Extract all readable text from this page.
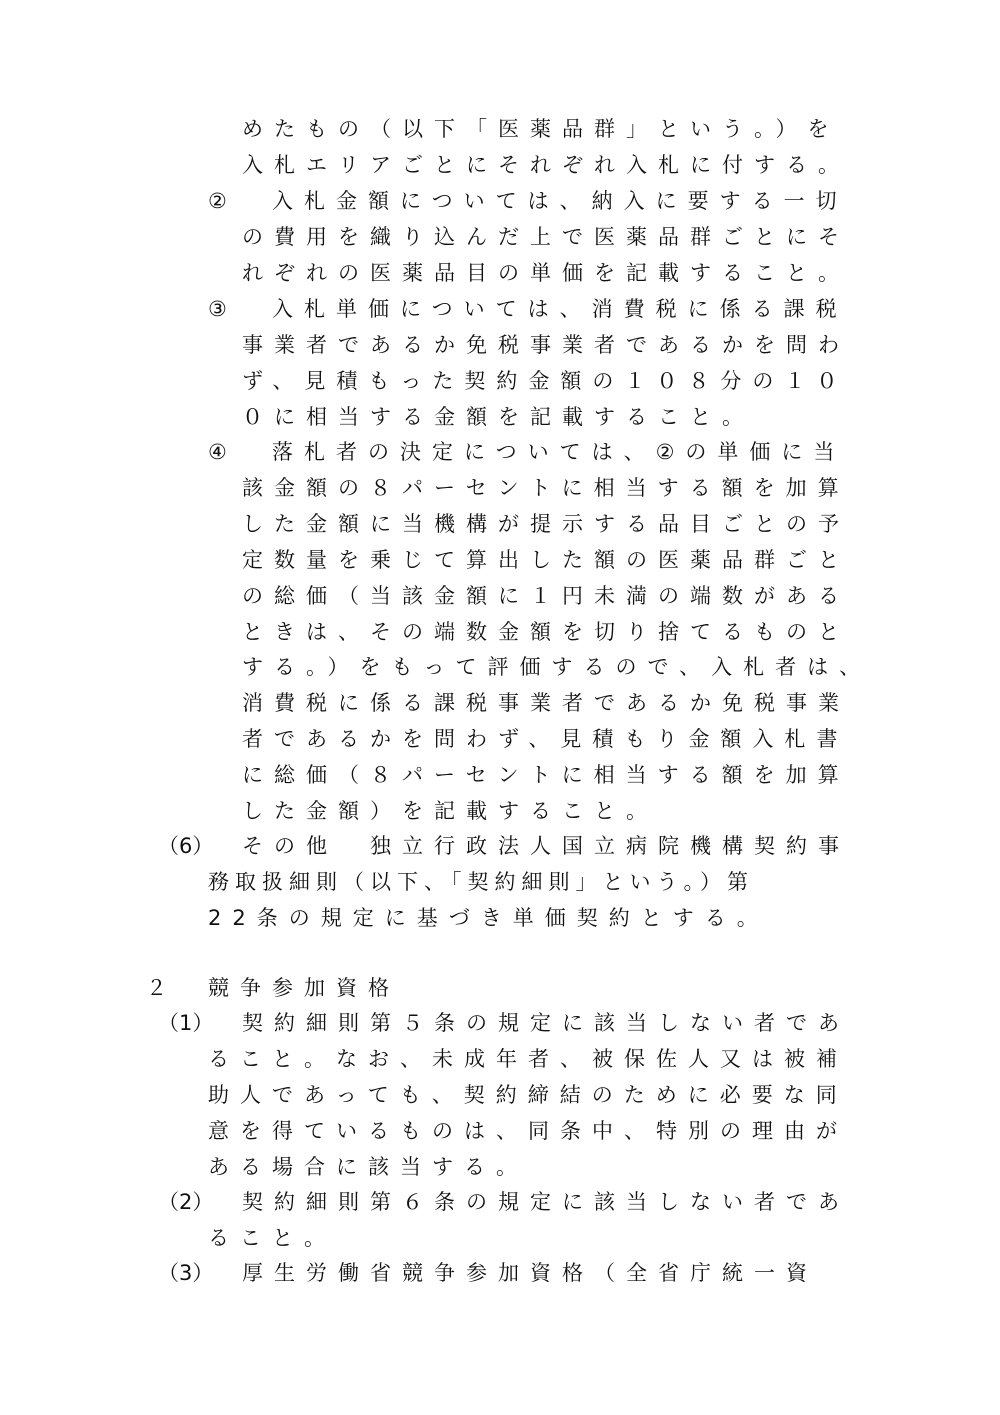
めたもの（以下「医薬品群」という。）を
入札エリアごとにそれぞれ入札に付する。
② 入札金額については、納入に要する一切
の費用を織り込んだ上で医薬品群ごとにそ
れぞれの医薬品目の単価を記載すること。
③ 入札単価については、消費税に係る課税
事業者であるか免税事業者であるかを問わ
ず、見積もった契約金額の１０８分の１０
０に相当する金額を記載すること。
④ 落札者の決定については、②の単価に当
該金額の８パーセントに相当する額を加算
した金額に当機構が提示する品目ごとの予
定数量を乗じて算出した額の医薬品群ごと
の総価（当該金額に１円未満の端数がある
ときは、その端数金額を切り捨てるものと
する。）をもって評価するので、入札者は、
消費税に係る課税事業者であるか免税事業
者であるかを問わず、見積もり金額入札書
に総価（８パーセントに相当する額を加算
した金額）を記載すること。
（6） その他　独立行政法人国立病院機構契約事
務取扱細則（以下、「契約細則」という。）第
22条の規定に基づき単価契約とする。
２ 競争参加資格
（1） 契約細則第５条の規定に該当しない者であ
ること。なお、未成年者、被保佐人又は被補
助人であっても、契約締結のために必要な同
意を得ているものは、同条中、特別の理由が
ある場合に該当する。
（2） 契約細則第６条の規定に該当しない者であ
ること。
（3） 厚生労働省競争参加資格（全省庁統一資
